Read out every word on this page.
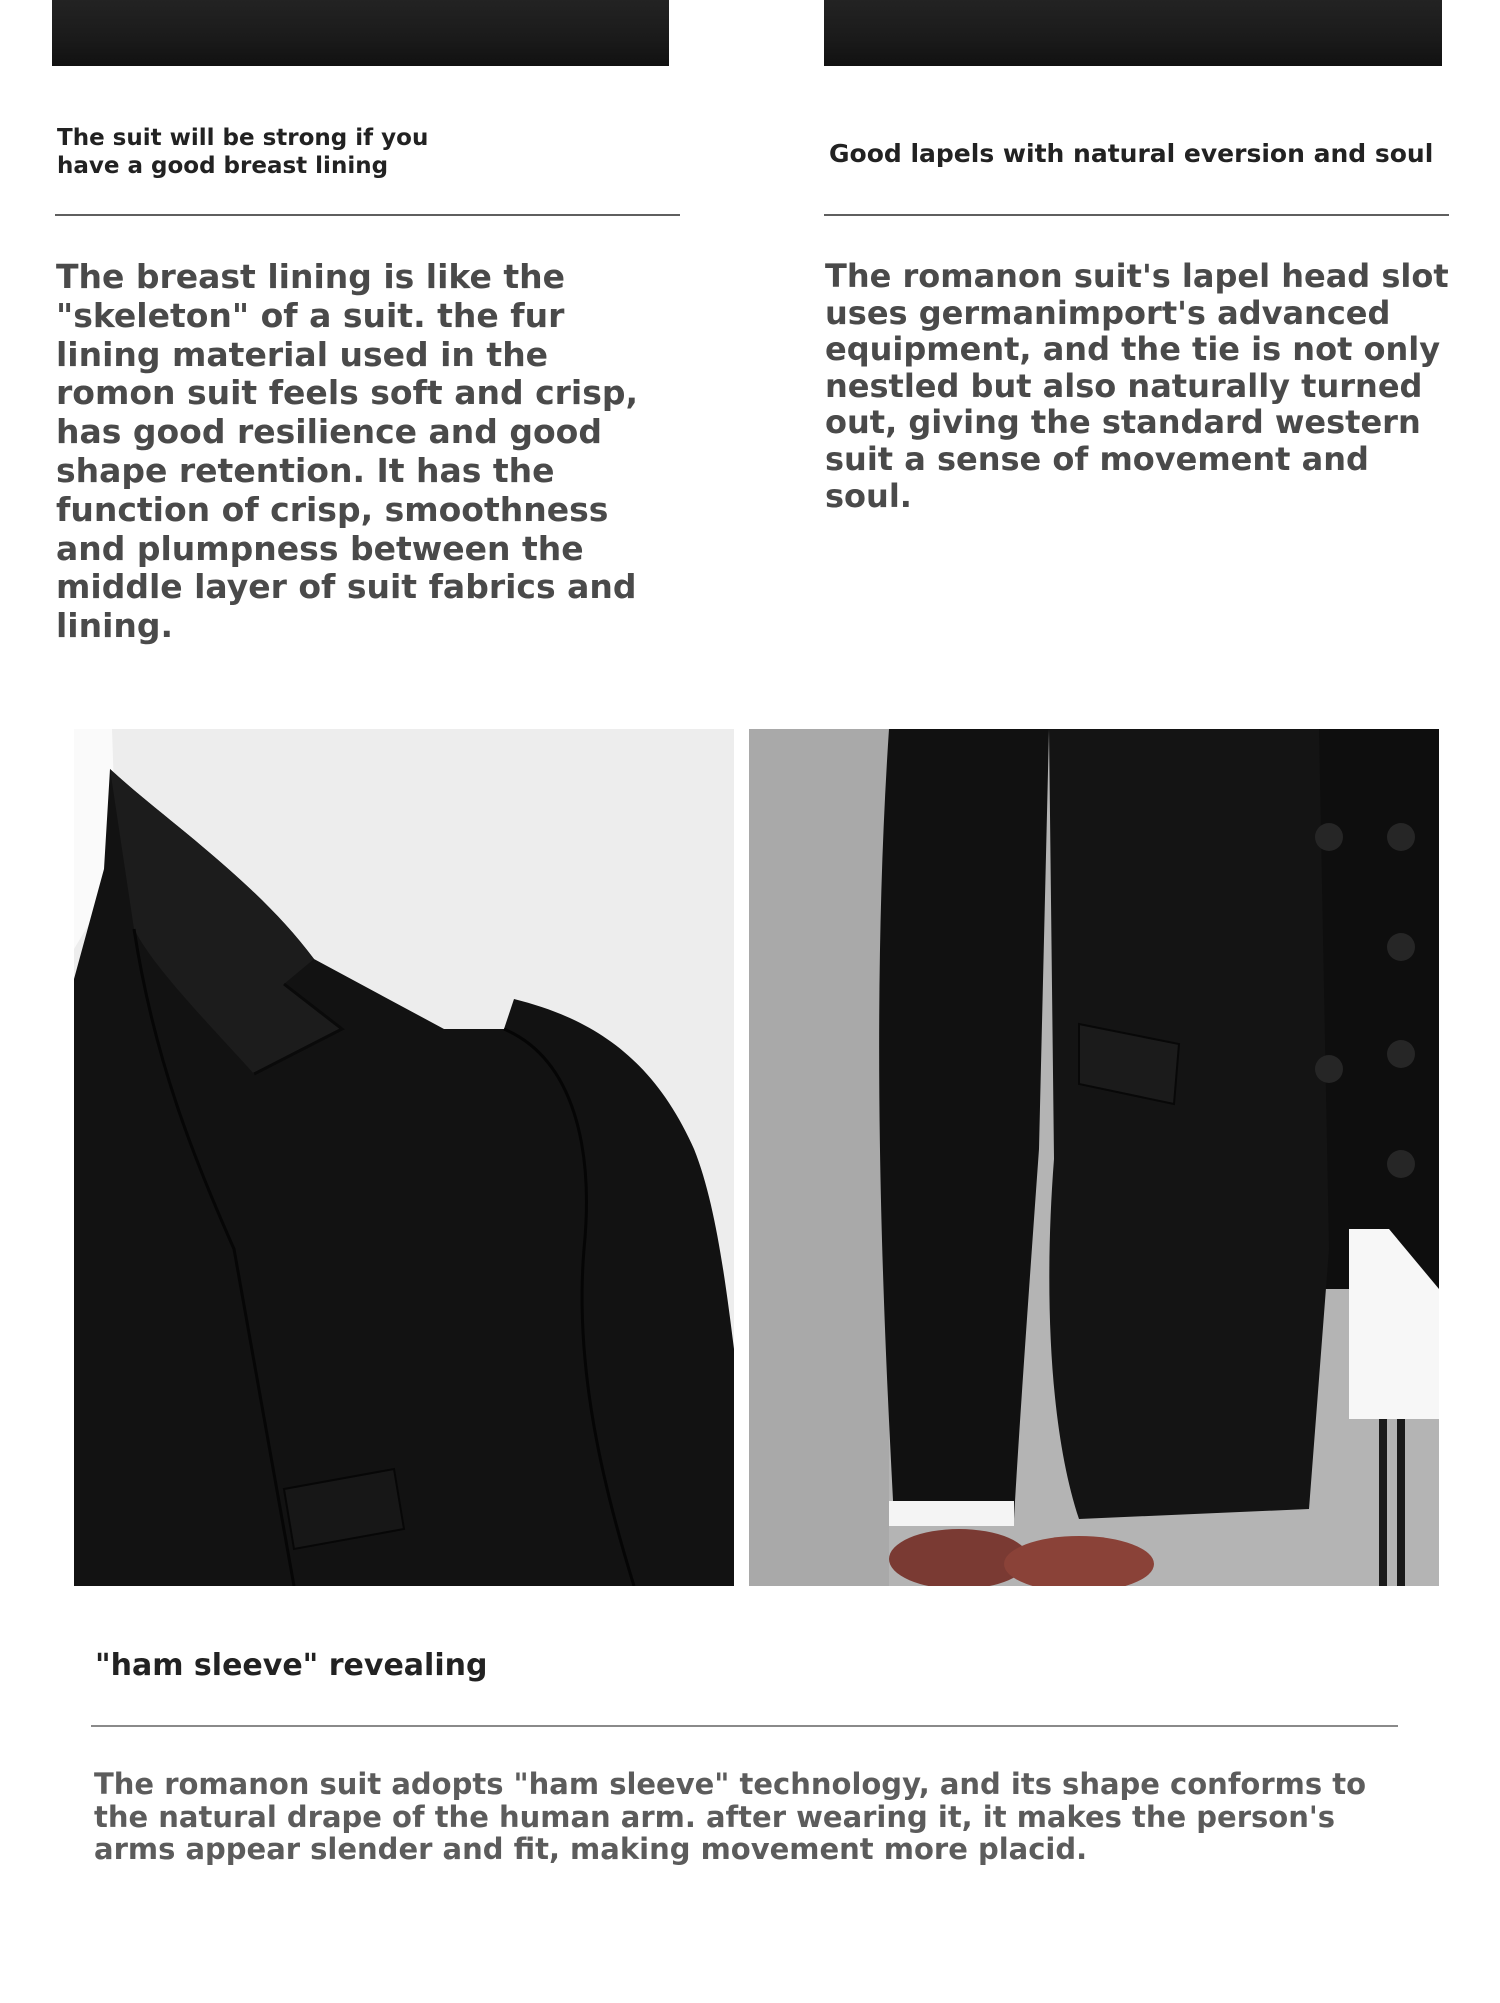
The suit will be strong if you have a good breast lining

The breast lining is like the "skeleton" of a suit. the fur lining material used in the romon suit feels soft and crisp, has good resilience and good shape retention. It has the function of crisp, smoothness and plumpness between the middle layer of suit fabrics and lining.

Good lapels with natural eversion and soul

The romanon suit's lapel head slot uses germanimport's advanced equipment, and the tie is not only nestled but also naturally turned out, giving the standard western suit a sense of movement and soul.

"ham sleeve" revealing

The romanon suit adopts "ham sleeve" technology, and its shape conforms to the natural drape of the human arm. after wearing it, it makes the person's arms appear slender and fit, making movement more placid.
